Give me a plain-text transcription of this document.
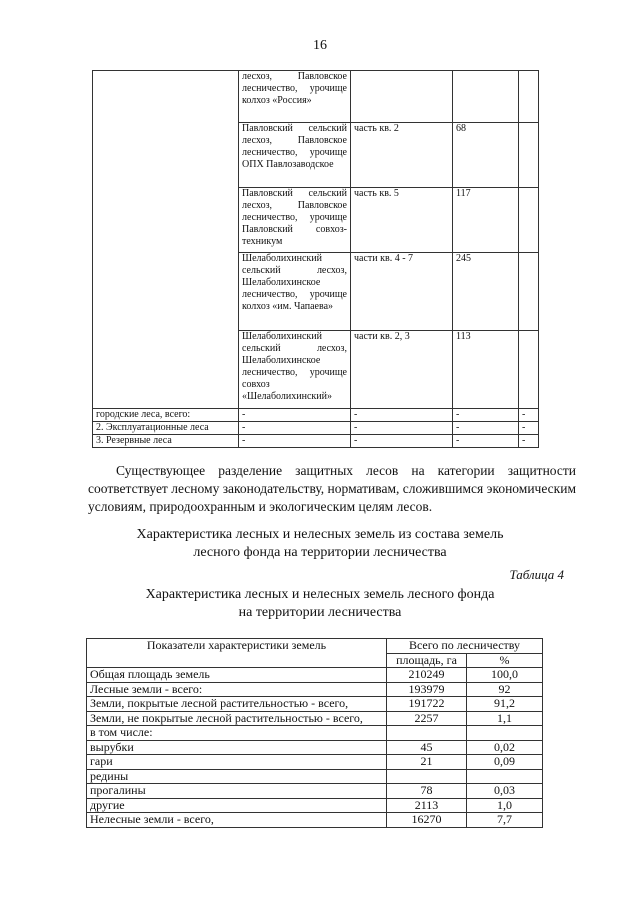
16
	лесхоз, Павловское лесничество, урочище колхоз «Россия»			
	Павловский сельский лесхоз, Павловское лесничество, урочище ОПХ Павлозаводское	часть кв. 2	68	
	Павловский сельский лесхоз, Павловское лесничество, урочище Павловский совхоз-техникум	часть кв. 5	117	
	Шелаболихинский сельский лесхоз, Шелаболихинское лесничество, урочище колхоз «им. Чапаева»	части кв. 4 - 7	245	
	Шелаболихинский сельский лесхоз, Шелаболихинское лесничество, урочище совхоз «Шелаболихинский»	части кв. 2, 3	113	
городские леса, всего:	-	-	-	-
2. Эксплуатационные леса	-	-	-	-
3. Резервные леса	-	-	-	-

Существующее разделение защитных лесов на категории защитности соответствует лесному законодательству, нормативам, сложившимся экономическим условиям, природоохранным и экологическим целям лесов.

Характеристика лесных и нелесных земель из состава земель
лесного фонда на территории лесничества
Таблица 4
Характеристика лесных и нелесных земель лесного фонда
на территории лесничества
Показатели характеристики земель	Всего по лесничеству	
	площадь, га	%
Общая площадь земель	210249	100,0
Лесные земли - всего:	193979	92
Земли, покрытые лесной растительностью - всего,	191722	91,2
Земли, не покрытые лесной растительностью - всего,	2257	1,1
в том числе:		
вырубки	45	0,02
гари	21	0,09
редины		
прогалины	78	0,03
другие	2113	1,0
Нелесные земли - всего,	16270	7,7
